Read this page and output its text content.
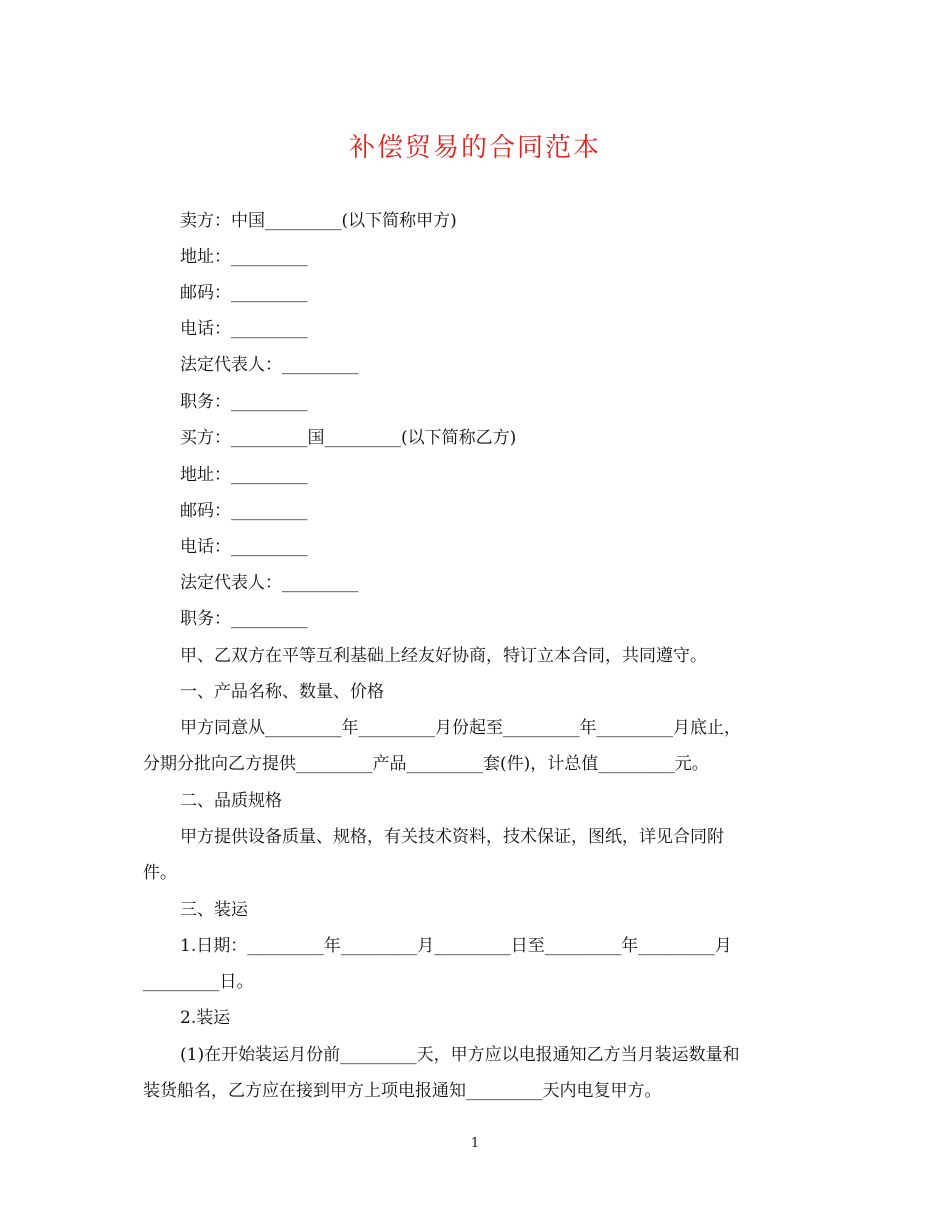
补偿贸易的合同范本
卖方：中国_________(以下简称甲方)
地址：_________
邮码：_________
电话：_________
法定代表人：_________
职务：_________
买方：_________国_________(以下简称乙方)
地址：_________
邮码：_________
电话：_________
法定代表人：_________
职务：_________
甲、乙双方在平等互利基础上经友好协商，特订立本合同，共同遵守。
一、产品名称、数量、价格
甲方同意从_________年_________月份起至_________年_________月底止，
分期分批向乙方提供_________产品_________套(件)，计总值_________元。
二、品质规格
甲方提供设备质量、规格，有关技术资料，技术保证，图纸，详见合同附
件。
三、装运
1.日期：_________年_________月_________日至_________年_________月
_________日。
2.装运
(1)在开始装运月份前_________天，甲方应以电报通知乙方当月装运数量和
装货船名，乙方应在接到甲方上项电报通知_________天内电复甲方。
1
